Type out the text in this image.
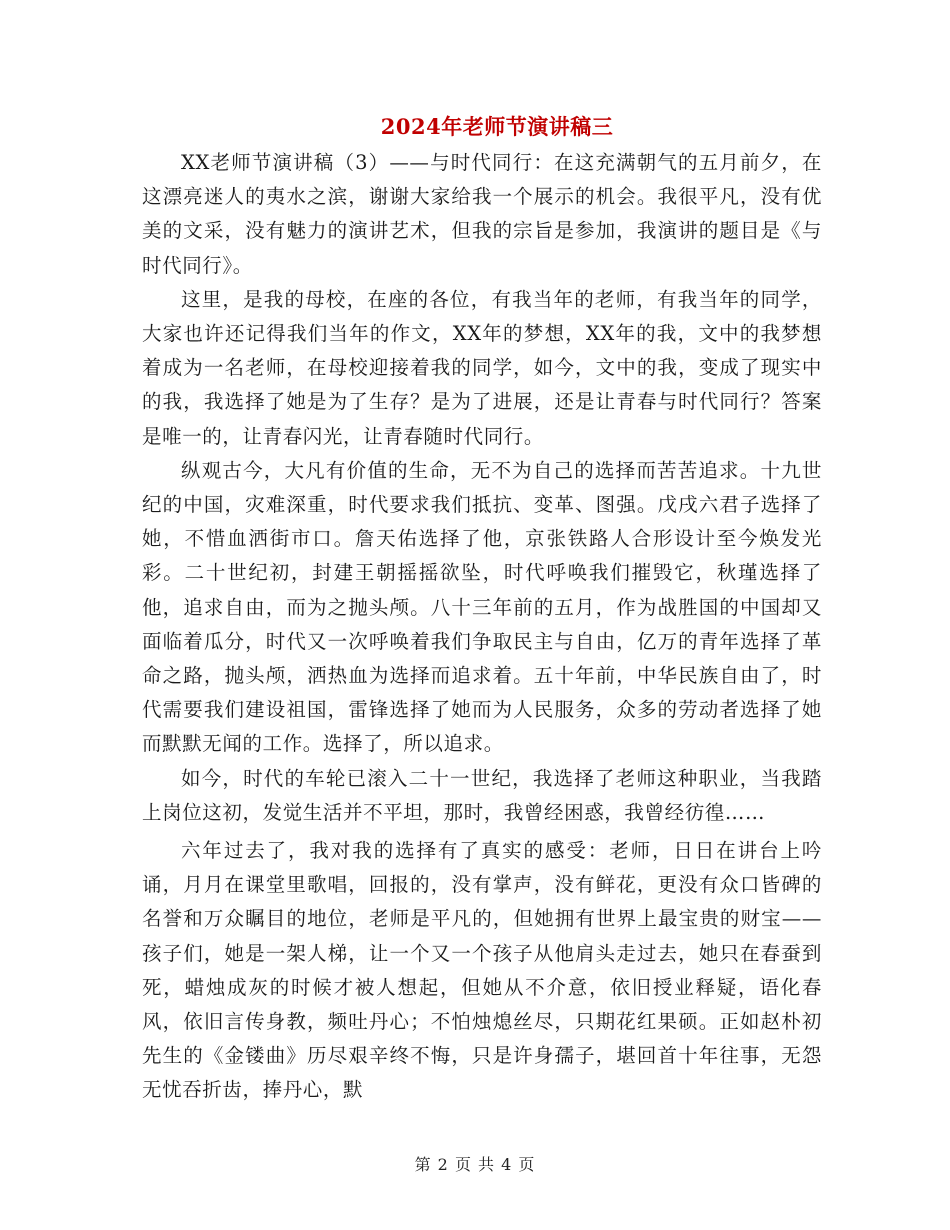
2024年老师节演讲稿三

XX老师节演讲稿（3）——与时代同行：在这充满朝气的五月前夕，在这漂亮迷人的夷水之滨，谢谢大家给我一个展示的机会。我很平凡，没有优美的文采，没有魅力的演讲艺术，但我的宗旨是参加，我演讲的题目是《与时代同行》。

这里，是我的母校，在座的各位，有我当年的老师，有我当年的同学，大家也许还记得我们当年的作文，XX年的梦想，XX年的我，文中的我梦想着成为一名老师，在母校迎接着我的同学，如今，文中的我，变成了现实中的我，我选择了她是为了生存？是为了进展，还是让青春与时代同行？答案是唯一的，让青春闪光，让青春随时代同行。

纵观古今，大凡有价值的生命，无不为自己的选择而苦苦追求。十九世纪的中国，灾难深重，时代要求我们抵抗、变革、图强。戊戌六君子选择了她，不惜血洒街市口。詹天佑选择了他，京张铁路人合形设计至今焕发光彩。二十世纪初，封建王朝摇摇欲坠，时代呼唤我们摧毁它，秋瑾选择了他，追求自由，而为之抛头颅。八十三年前的五月，作为战胜国的中国却又面临着瓜分，时代又一次呼唤着我们争取民主与自由，亿万的青年选择了革命之路，抛头颅，洒热血为选择而追求着。五十年前，中华民族自由了，时代需要我们建设祖国，雷锋选择了她而为人民服务，众多的劳动者选择了她而默默无闻的工作。选择了，所以追求。

如今，时代的车轮已滚入二十一世纪，我选择了老师这种职业，当我踏上岗位这初，发觉生活并不平坦，那时，我曾经困惑，我曾经彷徨……

六年过去了，我对我的选择有了真实的感受：老师，日日在讲台上吟诵，月月在课堂里歌唱，回报的，没有掌声，没有鲜花，更没有众口皆碑的名誉和万众瞩目的地位，老师是平凡的，但她拥有世界上最宝贵的财宝——孩子们，她是一架人梯，让一个又一个孩子从他肩头走过去，她只在春蚕到死，蜡烛成灰的时候才被人想起，但她从不介意，依旧授业释疑，语化春风，依旧言传身教，频吐丹心；不怕烛熄丝尽，只期花红果硕。正如赵朴初先生的《金镂曲》历尽艰辛终不悔，只是许身孺子，堪回首十年往事，无怨无忧吞折齿，捧丹心，默

第 2 页 共 4 页
